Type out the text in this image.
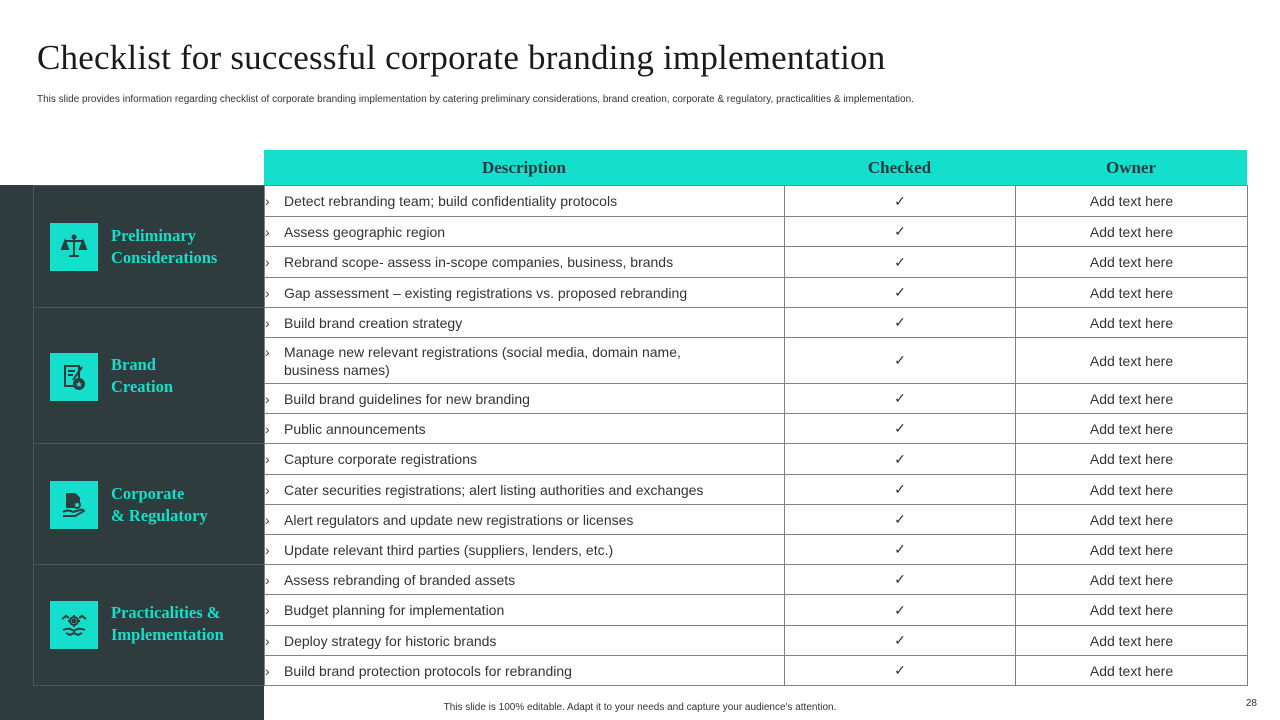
Checklist for successful corporate branding implementation
This slide provides information regarding checklist of corporate branding implementation by catering preliminary considerations, brand creation, corporate & regulatory, practicalities & implementation.
Preliminary
Considerations
Brand
Creation
Corporate
& Regulatory
Practicalities &
Implementation
Description	Checked	Owner
› Detect rebranding team; build confidentiality protocols	✓	Add text here

› Assess geographic region	✓	Add text here

› Rebrand scope- assess in-scope companies, business, brands	✓	Add text here

› Gap assessment – existing registrations vs. proposed rebranding	✓	Add text here

› Build brand creation strategy	✓	Add text here

› Manage new relevant registrations (social media, domain name, business names)	✓	Add text here

› Build brand guidelines for new branding	✓	Add text here

› Public announcements	✓	Add text here

› Capture corporate registrations	✓	Add text here

› Cater securities registrations; alert listing authorities and exchanges	✓	Add text here

› Alert regulators and update new registrations or licenses	✓	Add text here

› Update relevant third parties (suppliers, lenders, etc.)	✓	Add text here

› Assess rebranding of branded assets	✓	Add text here

› Budget planning for implementation	✓	Add text here

› Deploy strategy for historic brands	✓	Add text here

› Build brand protection protocols for rebranding	✓	Add text here
This slide is 100% editable. Adapt it to your needs and capture your audience's attention.	28
